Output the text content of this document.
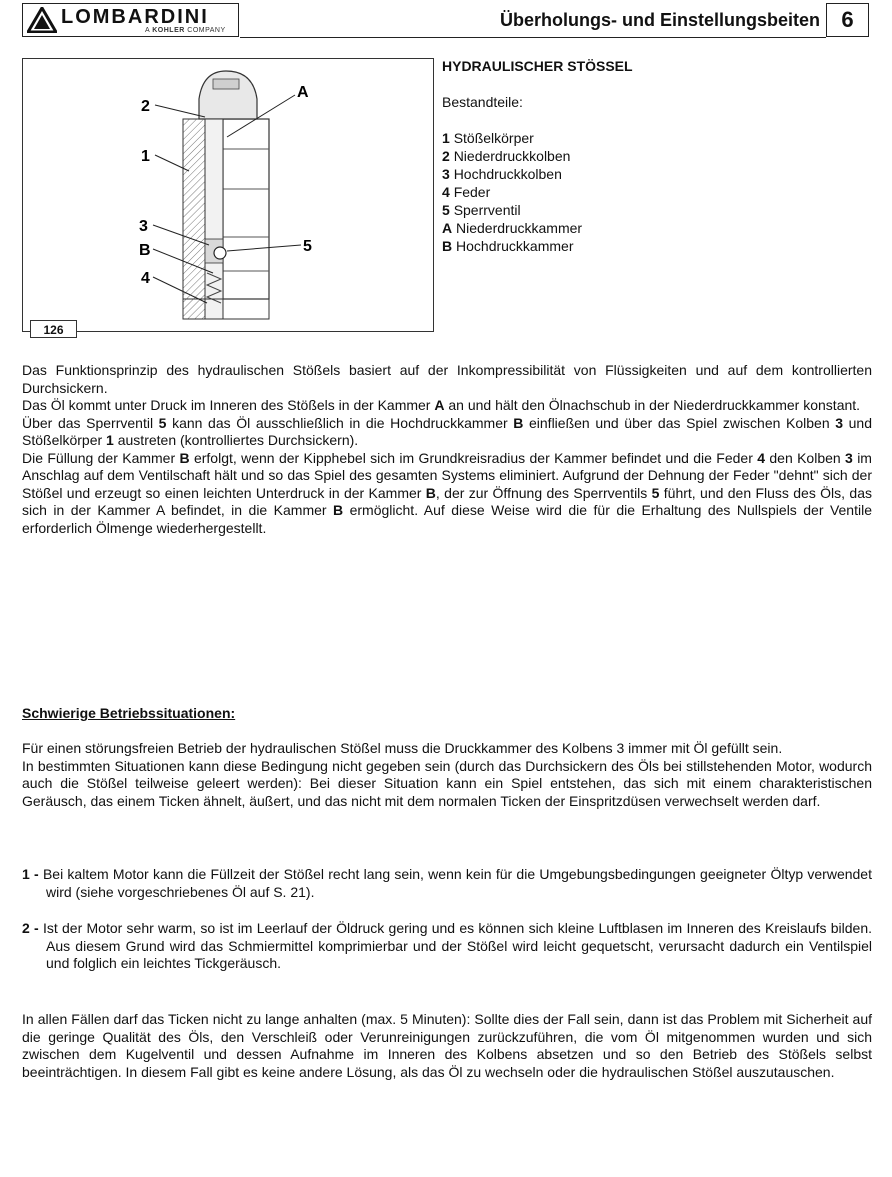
LOMBARDINI
A KOHLER COMPANY
Überholungs- und Einstellungsbeiten 6
2
1
3
B
4
A
5
126
HYDRAULISCHER STÖSSEL
Bestandteile:
1 Stößelkörper
2 Niederdruckkolben
3 Hochdruckkolben
4 Feder
5 Sperrventil
A Niederdruckkammer
B Hochdruckkammer

Das Funktionsprinzip des hydraulischen Stößels basiert auf der Inkompressibilität von Flüssigkeiten und auf dem kontrollierten Durchsickern.

Das Öl kommt unter Druck im Inneren des Stößels in der Kammer A an und hält den Ölnachschub in der Niederdruckkammer konstant.

Über das Sperrventil 5 kann das Öl ausschließlich in die Hochdruckkammer B einfließen und über das Spiel zwischen Kolben 3 und Stößelkörper 1 austreten (kontrolliertes Durchsickern).

Die Füllung der Kammer B erfolgt, wenn der Kipphebel sich im Grundkreisradius der Kammer befindet und die Feder 4 den Kolben 3 im Anschlag auf dem Ventilschaft hält und so das Spiel des gesamten Systems eliminiert. Aufgrund der Dehnung der Feder "dehnt" sich der Stößel und erzeugt so einen leichten Unterdruck in der Kammer B, der zur Öffnung des Sperrventils 5 führt, und den Fluss des Öls, das sich in der Kammer A befindet, in die Kammer B ermöglicht. Auf diese Weise wird die für die Erhaltung des Nullspiels der Ventile erforderlich Ölmenge wiederhergestellt.

Schwierige Betriebssituationen:

Für einen störungsfreien Betrieb der hydraulischen Stößel muss die Druckkammer des Kolbens 3 immer mit Öl gefüllt sein.

In bestimmten Situationen kann diese Bedingung nicht gegeben sein (durch das Durchsickern des Öls bei stillstehenden Motor, wodurch auch die Stößel teilweise geleert werden): Bei dieser Situation kann ein Spiel entstehen, das sich mit einem charakteristischen Geräusch, das einem Ticken ähnelt, äußert, und das nicht mit dem normalen Ticken der Einspritzdüsen verwechselt werden darf.

1 - Bei kaltem Motor kann die Füllzeit der Stößel recht lang sein, wenn kein für die Umgebungsbedingungen geeigneter Öltyp verwendet wird (siehe vorgeschriebenes Öl auf S. 21).

2 - Ist der Motor sehr warm, so ist im Leerlauf der Öldruck gering und es können sich kleine Luftblasen im Inneren des Kreislaufs bilden. Aus diesem Grund wird das Schmiermittel komprimierbar und der Stößel wird leicht gequetscht, verursacht dadurch ein Ventilspiel und folglich ein leichtes Tickgeräusch.

In allen Fällen darf das Ticken nicht zu lange anhalten (max. 5 Minuten): Sollte dies der Fall sein, dann ist das Problem mit Sicherheit auf die geringe Qualität des Öls, den Verschleiß oder Verunreinigungen zurückzuführen, die vom Öl mitgenommen wurden und sich zwischen dem Kugelventil und dessen Aufnahme im Inneren des Kolbens absetzen und so den Betrieb des Stößels selbst beeinträchtigen. In diesem Fall gibt es keine andere Lösung, als das Öl zu wechseln oder die hydraulischen Stößel auszutauschen.
